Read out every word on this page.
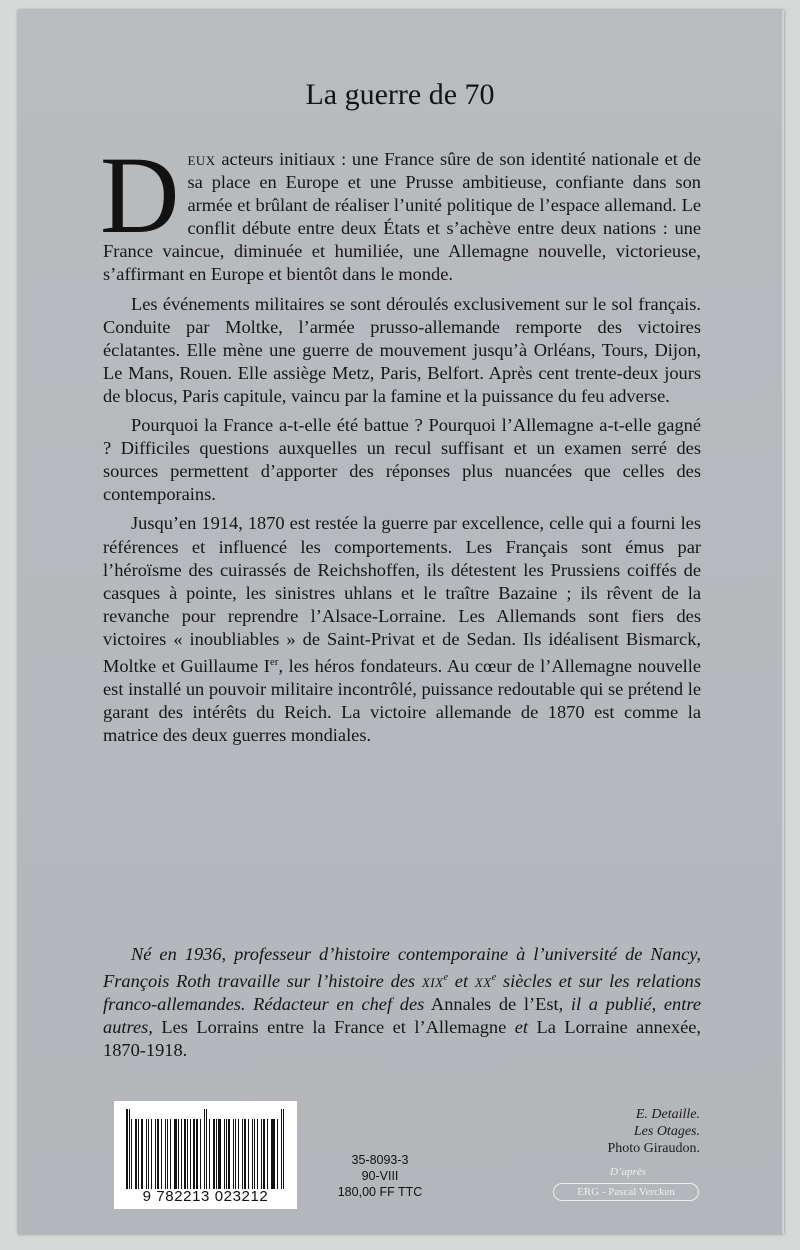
La guerre de 70

Deux acteurs initiaux : une France sûre de son identité nationale et de sa place en Europe et une Prusse ambitieuse, confiante dans son armée et brûlant de réaliser l’unité politique de l’espace allemand. Le conflit débute entre deux États et s’achève entre deux nations : une France vaincue, diminuée et humiliée, une Allemagne nouvelle, victorieuse, s’affirmant en Europe et bientôt dans le monde.

Les événements militaires se sont déroulés exclusivement sur le sol français. Conduite par Moltke, l’armée prusso-allemande remporte des victoires éclatantes. Elle mène une guerre de mouvement jusqu’à Orléans, Tours, Dijon, Le Mans, Rouen. Elle assiège Metz, Paris, Belfort. Après cent trente-deux jours de blocus, Paris capitule, vaincu par la famine et la puissance du feu adverse.

Pourquoi la France a-t-elle été battue ? Pourquoi l’Allemagne a-t-elle gagné ? Difficiles questions auxquelles un recul suffisant et un examen serré des sources permettent d’apporter des réponses plus nuancées que celles des contemporains.

Jusqu’en 1914, 1870 est restée la guerre par excellence, celle qui a fourni les références et influencé les comportements. Les Français sont émus par l’héroïsme des cuirassés de Reichshoffen, ils détestent les Prussiens coiffés de casques à pointe, les sinistres uhlans et le traître Bazaine ; ils rêvent de la revanche pour reprendre l’Alsace-Lorraine. Les Allemands sont fiers des victoires « inoubliables » de Saint-Privat et de Sedan. Ils idéalisent Bismarck, Moltke et Guillaume Ier, les héros fondateurs. Au cœur de l’Allemagne nouvelle est installé un pouvoir militaire incontrôlé, puissance redoutable qui se prétend le garant des intérêts du Reich. La victoire allemande de 1870 est comme la matrice des deux guerres mondiales.

Né en 1936, professeur d’histoire contemporaine à l’université de Nancy, François Roth travaille sur l’histoire des xix$^e$ et $xx^e$ siècles et sur les relations franco-allemandes. Rédacteur en chef des Annales de l’Est, il a publié, entre autres, Les Lorrains entre la France et l’Allemagne et La Lorraine annexée, 1870-1918.
9 782213 023212
35-8093-3
90-VIII
180,00 FF TTC
E. Detaille.
Les Otages.
Photo Giraudon.
D’après
ERG - Pascal Vercken
